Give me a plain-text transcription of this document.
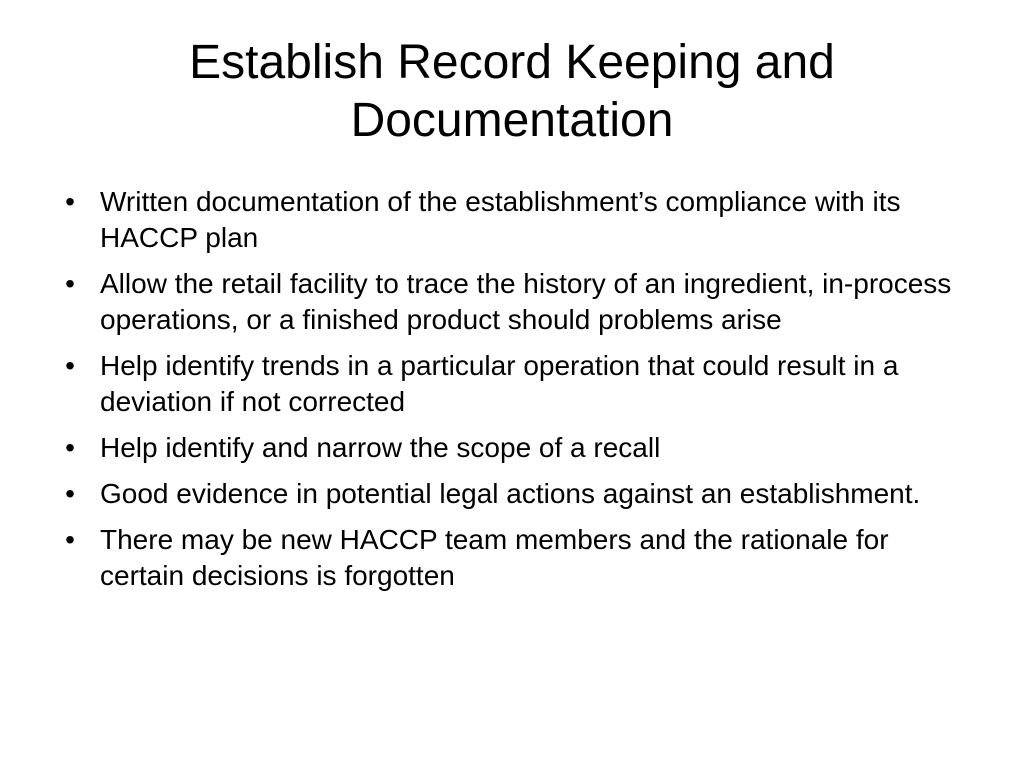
Establish Record Keeping and Documentation
• Written documentation of the establishment’s compliance with its HACCP plan
• Allow the retail facility to trace the history of an ingredient, in-process operations, or a finished product should problems arise
• Help identify trends in a particular operation that could result in a deviation if not corrected
• Help identify and narrow the scope of a recall
• Good evidence in potential legal actions against an establishment.
• There may be new HACCP team members and the rationale for certain decisions is forgotten
